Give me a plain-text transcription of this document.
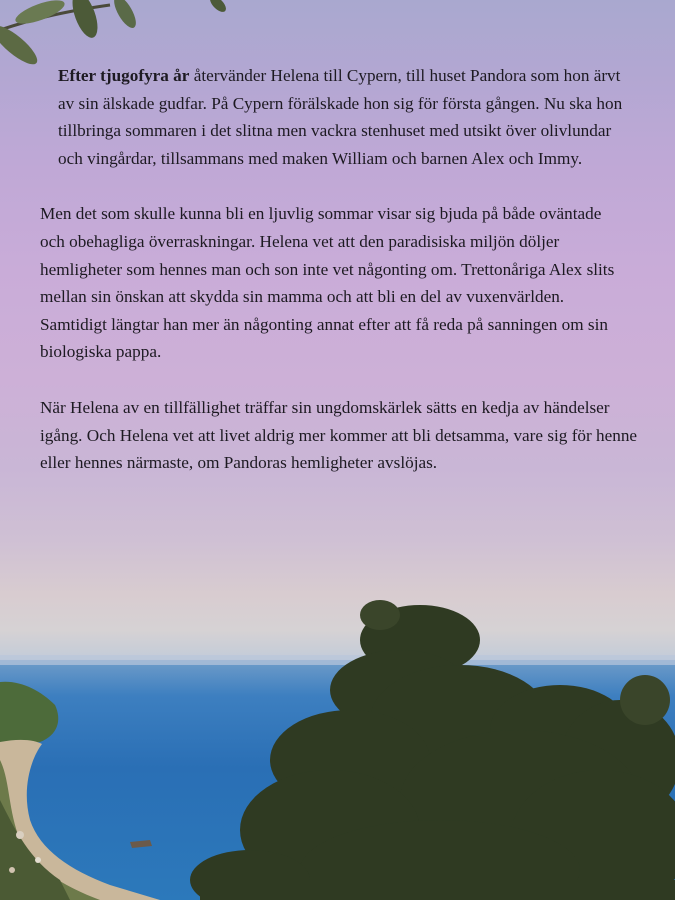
Efter tjugofyra år återvänder Helena till Cypern, till huset Pandora som hon ärvt av sin älskade gudfar. På Cypern förälskade hon sig för första gången. Nu ska hon tillbringa sommaren i det slitna men vackra stenhuset med utsikt över olivlundar och vingårdar, tillsammans med maken William och barnen Alex och Immy.

Men det som skulle kunna bli en ljuvlig sommar visar sig bjuda på både oväntade och obehagliga överraskningar. Helena vet att den paradisiska miljön döljer hemligheter som hennes man och son inte vet någonting om. Trettonåriga Alex slits mellan sin önskan att skydda sin mamma och att bli en del av vuxenvärlden. Samtidigt längtar han mer än någonting annat efter att få reda på sanningen om sin biologiska pappa.

När Helena av en tillfällighet träffar sin ungdomskärlek sätts en kedja av händelser igång. Och Helena vet att livet aldrig mer kommer att bli detsamma, vare sig för henne eller hennes närmaste, om Pandoras hemligheter avslöjas.
